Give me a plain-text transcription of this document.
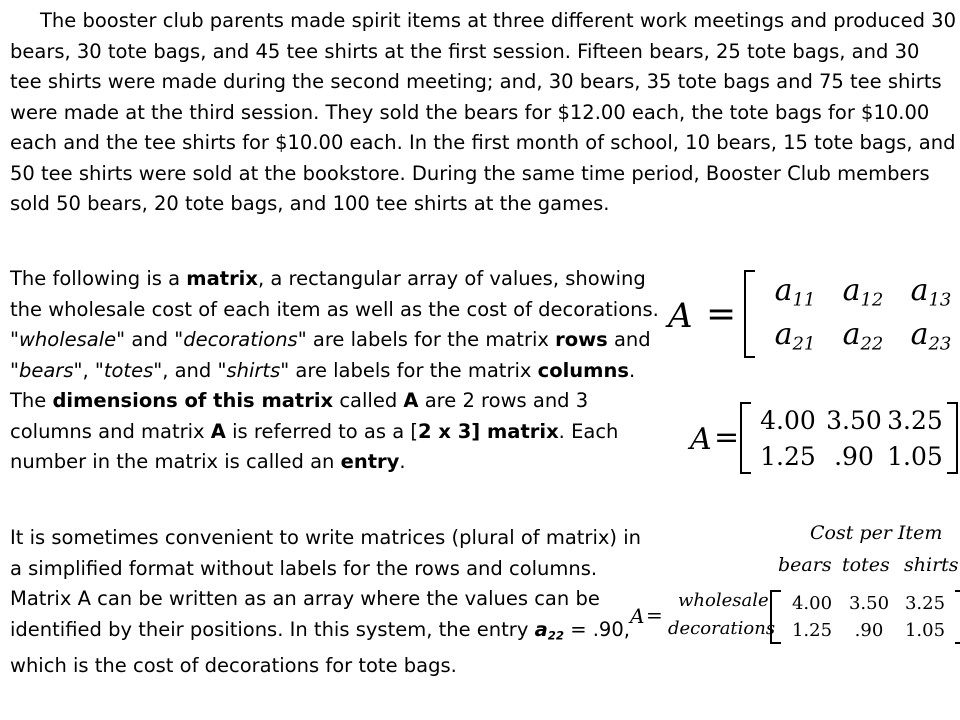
The booster club parents made spirit items at three different work meetings and produced 30 bears, 30 tote bags, and 45 tee shirts at the first session. Fifteen bears, 25 tote bags, and 30 tee shirts were made during the second meeting; and, 30 bears, 35 tote bags and 75 tee shirts were made at the third session. They sold the bears for $12.00 each, the tote bags for $10.00 each and the tee shirts for $10.00 each. In the first month of school, 10 bears, 15 tote bags, and 50 tee shirts were sold at the bookstore. During the same time period, Booster Club members sold 50 bears, 20 tote bags, and 100 tee shirts at the games.

The following is a matrix, a rectangular array of values, showing the wholesale cost of each item as well as the cost of decorations. "wholesale" and "decorations" are labels for the matrix rows and "bears", "totes", and "shirts" are labels for the matrix columns. The dimensions of this matrix called A are 2 rows and 3 columns and matrix A is referred to as a [2 x 3] matrix. Each number in the matrix is called an entry.

It is sometimes convenient to write matrices (plural of matrix) in a simplified format without labels for the rows and columns. Matrix A can be written as an array where the values can be identified by their positions. In this system, the entry $a_{22} = .90$, which is the cost of decorations for tote bags.

A =
$a_{11}$ $a_{12}$ $a_{13}$
$a_{21}$ $a_{22}$ $a_{23}$
A = 4.00 3.50 3.25
1.25 .90 1.05
Cost per Item
bears totes shirts
A =
wholesale
decorations
4.00 3.50 3.25
1.25 .90 1.05
